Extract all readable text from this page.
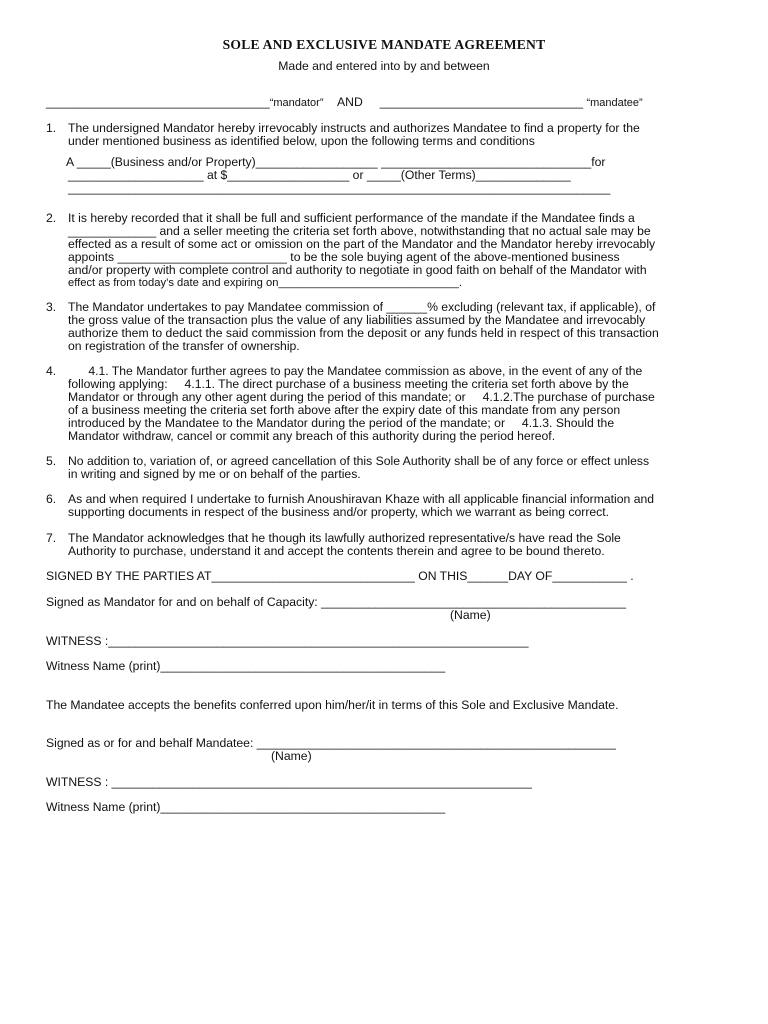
SOLE AND EXCLUSIVE MANDATE AGREEMENT
Made and entered into by and between
_________________________________“mandator” AND ______________________________ “mandatee”
1. The undersigned Mandator hereby irrevocably instructs and authorizes Mandatee to find a property for the
under mentioned business as identified below, upon the following terms and conditions
A _____(Business and/or Property)__________________ _______________________________for
____________________ at $__________________ or _____(Other Terms)______________
________________________________________________________________________________
2. It is hereby recorded that it shall be full and sufficient performance of the mandate if the Mandatee finds a
_____________ and a seller meeting the criteria set forth above, notwithstanding that no actual sale may be
effected as a result of some act or omission on the part of the Mandator and the Mandator hereby irrevocably
appoints _________________________ to be the sole buying agent of the above-mentioned business
and/or property with complete control and authority to negotiate in good faith on behalf of the Mandator with
effect as from today’s date and expiring on_____________________________.
3. The Mandator undertakes to pay Mandatee commission of ______% excluding (relevant tax, if applicable), of
the gross value of the transaction plus the value of any liabilities assumed by the Mandatee and irrevocably
authorize them to deduct the said commission from the deposit or any funds held in respect of this transaction
on registration of the transfer of ownership.
4. 4.1. The Mandator further agrees to pay the Mandatee commission as above, in the event of any of the
following applying:     4.1.1. The direct purchase of a business meeting the criteria set forth above by the
Mandator or through any other agent during the period of this mandate; or     4.1.2.The purchase of purchase
of a business meeting the criteria set forth above after the expiry date of this mandate from any person
introduced by the Mandatee to the Mandator during the period of the mandate; or     4.1.3. Should the
Mandator withdraw, cancel or commit any breach of this authority during the period hereof.
5. No addition to, variation of, or agreed cancellation of this Sole Authority shall be of any force or effect unless
in writing and signed by me or on behalf of the parties.
6. As and when required I undertake to furnish Anoushiravan Khaze with all applicable financial information and
supporting documents in respect of the business and/or property, which we warrant as being correct.
7. The Mandator acknowledges that he though its lawfully authorized representative/s have read the Sole
Authority to purchase, understand it and accept the contents therein and agree to be bound thereto.
SIGNED BY THE PARTIES AT______________________________ ON THIS______DAY OF___________ .
Signed as Mandator for and on behalf of Capacity: _____________________________________________
(Name)
WITNESS :______________________________________________________________
Witness Name (print)__________________________________________
The Mandatee accepts the benefits conferred upon him/her/it in terms of this Sole and Exclusive Mandate.
Signed as or for and behalf Mandatee: _____________________________________________________
(Name)
WITNESS : ______________________________________________________________
Witness Name (print)__________________________________________
